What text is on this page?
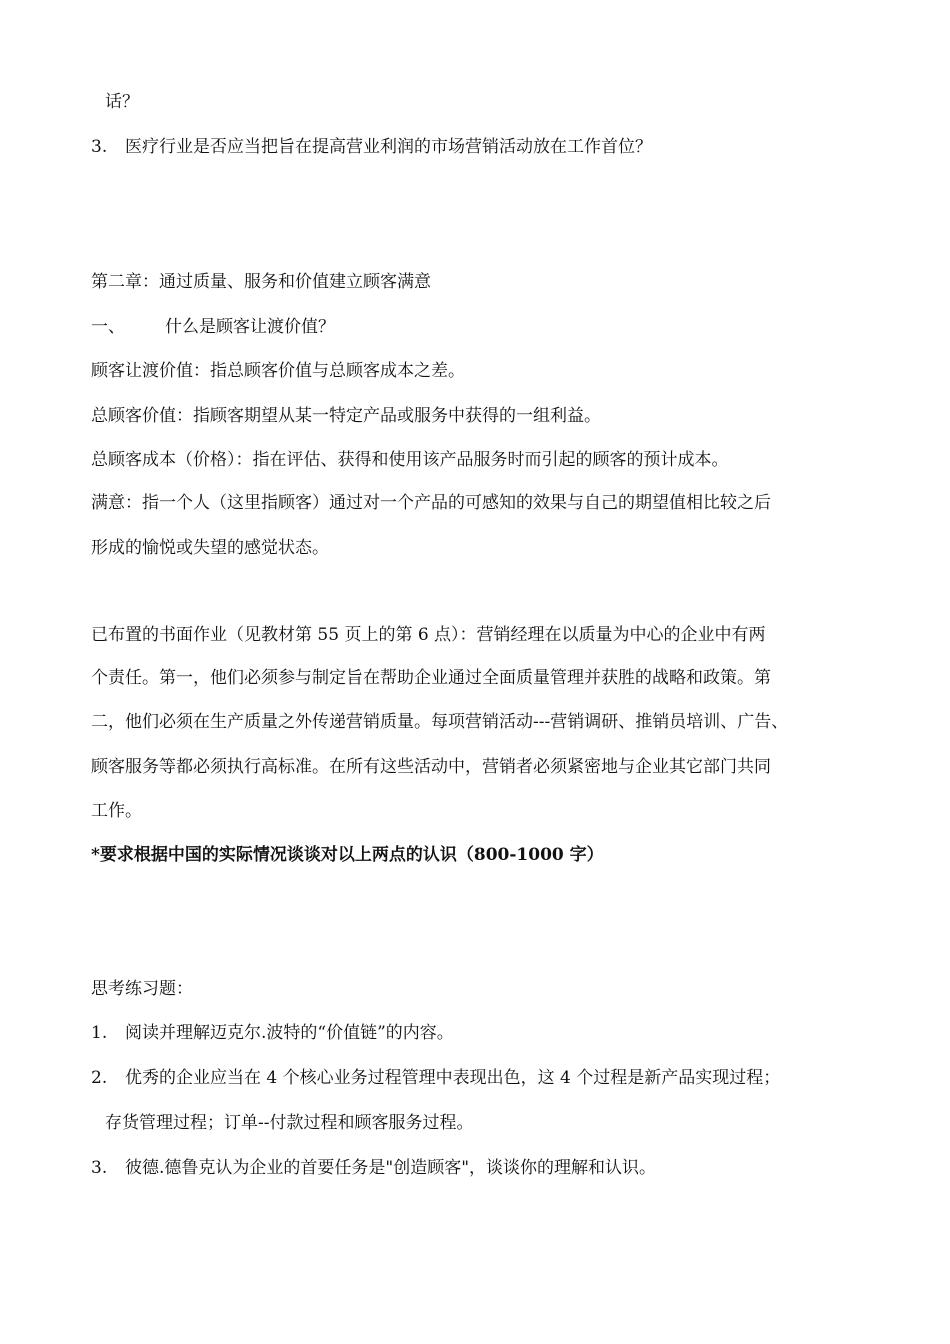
话？
3. 医疗行业是否应当把旨在提高营业利润的市场营销活动放在工作首位？
第二章：通过质量、服务和价值建立顾客满意
一、 什么是顾客让渡价值？
顾客让渡价值：指总顾客价值与总顾客成本之差。
总顾客价值：指顾客期望从某一特定产品或服务中获得的一组利益。
总顾客成本（价格）：指在评估、获得和使用该产品服务时而引起的顾客的预计成本。
满意：指一个人（这里指顾客）通过对一个产品的可感知的效果与自己的期望值相比较之后
形成的愉悦或失望的感觉状态。
已布置的书面作业（见教材第 55 页上的第 6 点）：营销经理在以质量为中心的企业中有两
个责任。第一，他们必须参与制定旨在帮助企业通过全面质量管理并获胜的战略和政策。第
二，他们必须在生产质量之外传递营销质量。每项营销活动---营销调研、推销员培训、广告、
顾客服务等都必须执行高标准。在所有这些活动中，营销者必须紧密地与企业其它部门共同
工作。
*要求根据中国的实际情况谈谈对以上两点的认识（800-1000 字）
思考练习题：
1. 阅读并理解迈克尔.波特的“价值链”的内容。
2. 优秀的企业应当在 4 个核心业务过程管理中表现出色，这 4 个过程是新产品实现过程；
存货管理过程；订单--付款过程和顾客服务过程。
3. 彼德.德鲁克认为企业的首要任务是"创造顾客"，谈谈你的理解和认识。
